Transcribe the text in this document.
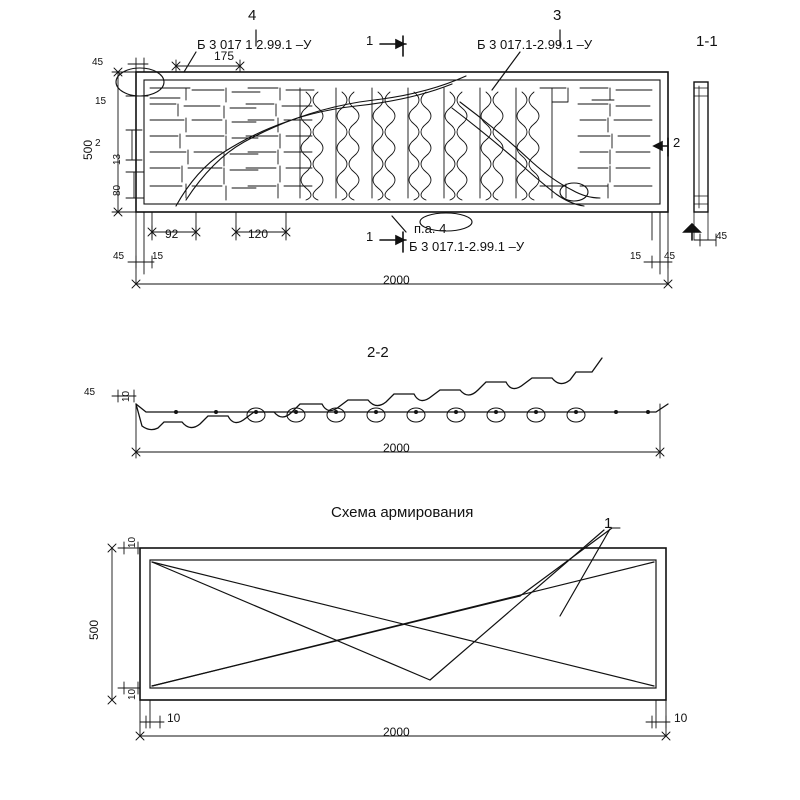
4	3
Б 3 017 1 2.99.1 –У	Б 3 017.1-2.99.1 –У
Б 3 017.1-2.99.1 –У
п.а. 4
1
1
2
1-1
45
15
2
13
80
500
175
92	120
45	15	15 45
2000
45
2-2
45	10
2000
Схема армирования
1
10
500
10
10	10
2000
